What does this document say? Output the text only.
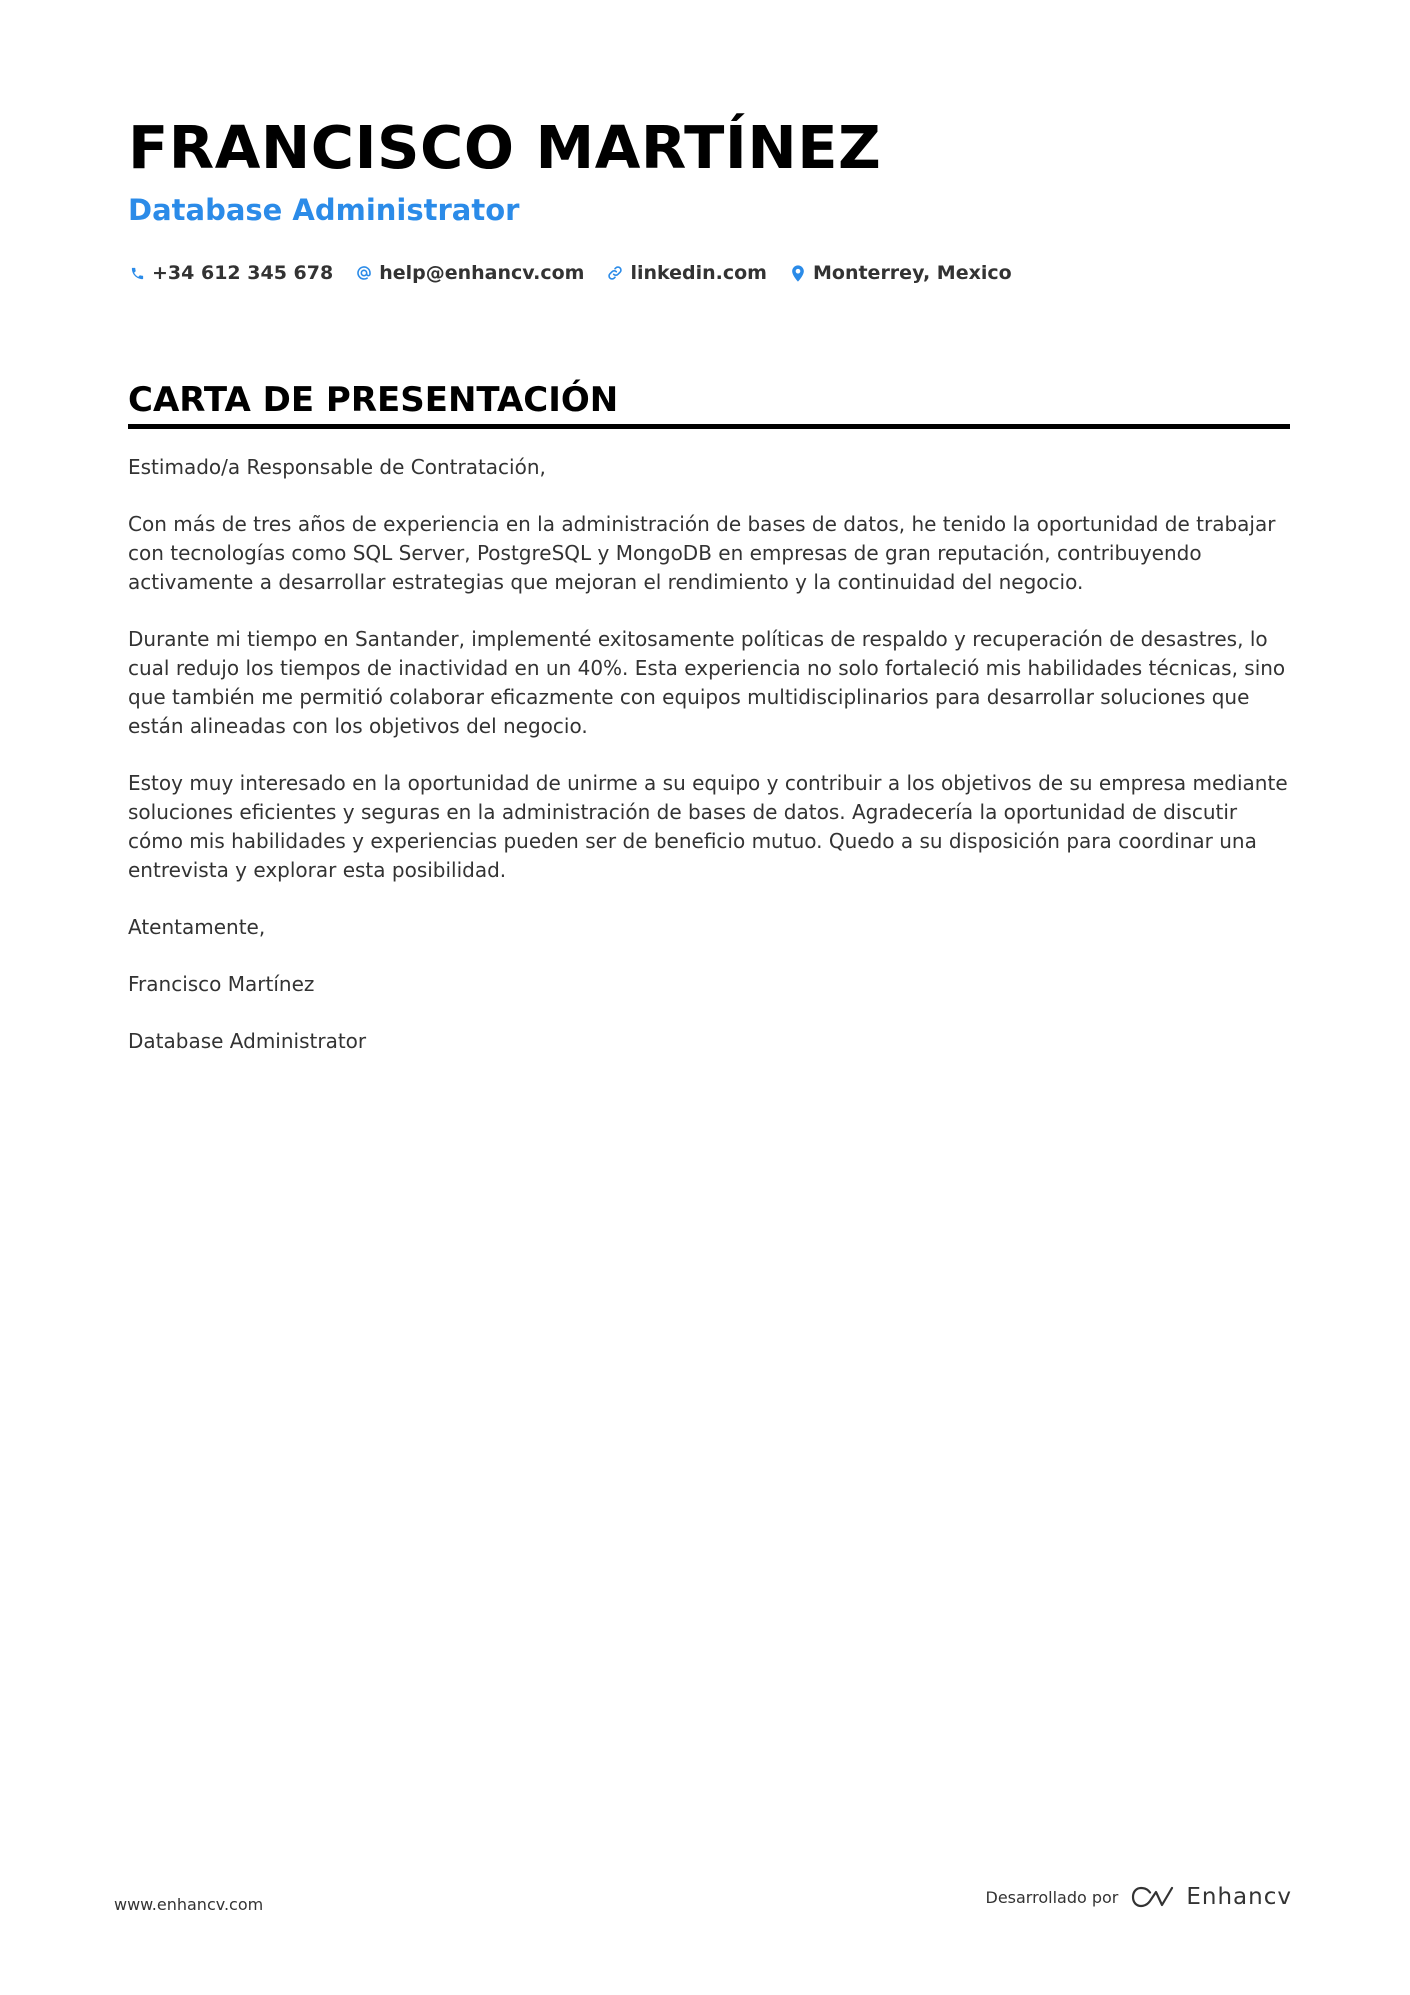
FRANCISCO MARTÍNEZ
Database Administrator
+34 612 345 678 help@enhancv.com linkedin.com Monterrey, Mexico
CARTA DE PRESENTACIÓN

Estimado/a Responsable de Contratación,

Con más de tres años de experiencia en la administración de bases de datos, he tenido la oportunidad de trabajar con tecnologías como SQL Server, PostgreSQL y MongoDB en empresas de gran reputación, contribuyendo activamente a desarrollar estrategias que mejoran el rendimiento y la continuidad del negocio.

Durante mi tiempo en Santander, implementé exitosamente políticas de respaldo y recuperación de desastres, lo cual redujo los tiempos de inactividad en un 40%. Esta experiencia no solo fortaleció mis habilidades técnicas, sino que también me permitió colaborar eficazmente con equipos multidisciplinarios para desarrollar soluciones que están alineadas con los objetivos del negocio.

Estoy muy interesado en la oportunidad de unirme a su equipo y contribuir a los objetivos de su empresa mediante soluciones eficientes y seguras en la administración de bases de datos. Agradecería la oportunidad de discutir cómo mis habilidades y experiencias pueden ser de beneficio mutuo. Quedo a su disposición para coordinar una entrevista y explorar esta posibilidad.

Atentamente,

Francisco Martínez

Database Administrator

www.enhancv.com	Desarrollado por	Enhancv
